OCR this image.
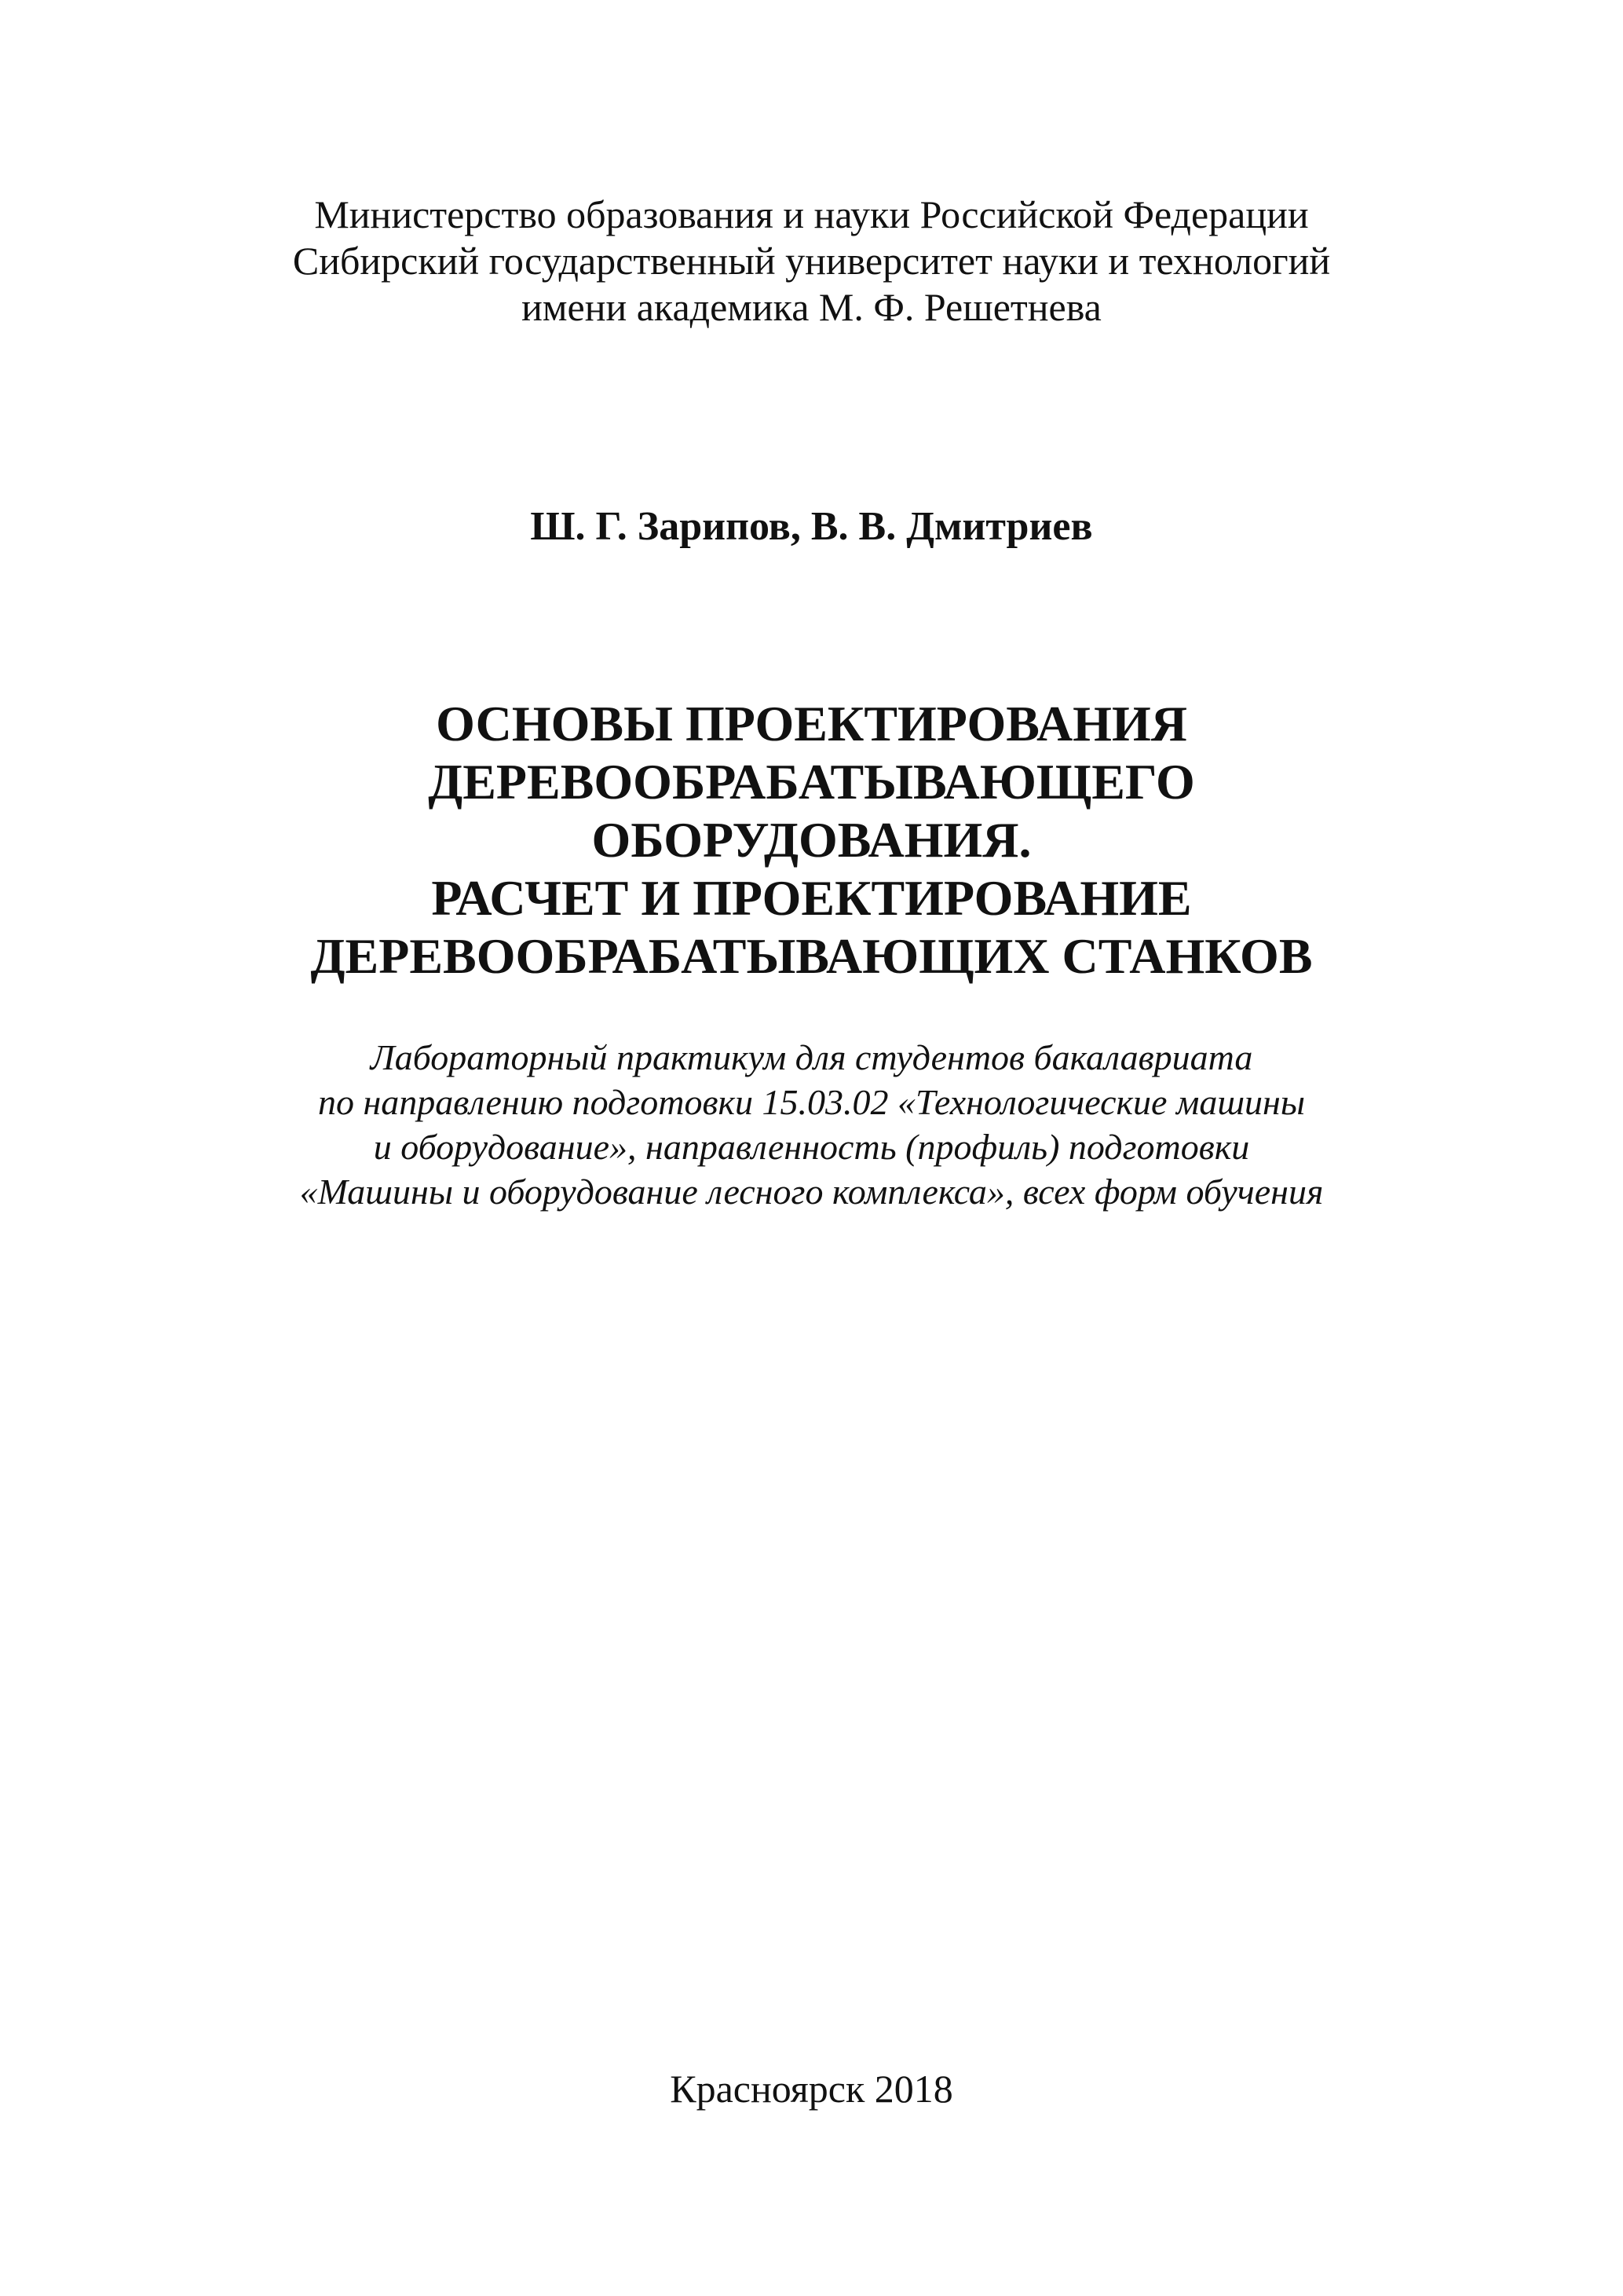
Министерство образования и науки Российской Федерации
Сибирский государственный университет науки и технологий
имени академика М. Ф. Решетнева
Ш. Г. Зарипов, В. В. Дмитриев
ОСНОВЫ ПРОЕКТИРОВАНИЯ
ДЕРЕВООБРАБАТЫВАЮЩЕГО
ОБОРУДОВАНИЯ.
РАСЧЕТ И ПРОЕКТИРОВАНИЕ
ДЕРЕВООБРАБАТЫВАЮЩИХ СТАНКОВ
Лабораторный практикум для студентов бакалавриата
по направлению подготовки 15.03.02 «Технологические машины
и оборудование», направленность (профиль) подготовки
«Машины и оборудование лесного комплекса», всех форм обучения
Красноярск 2018
